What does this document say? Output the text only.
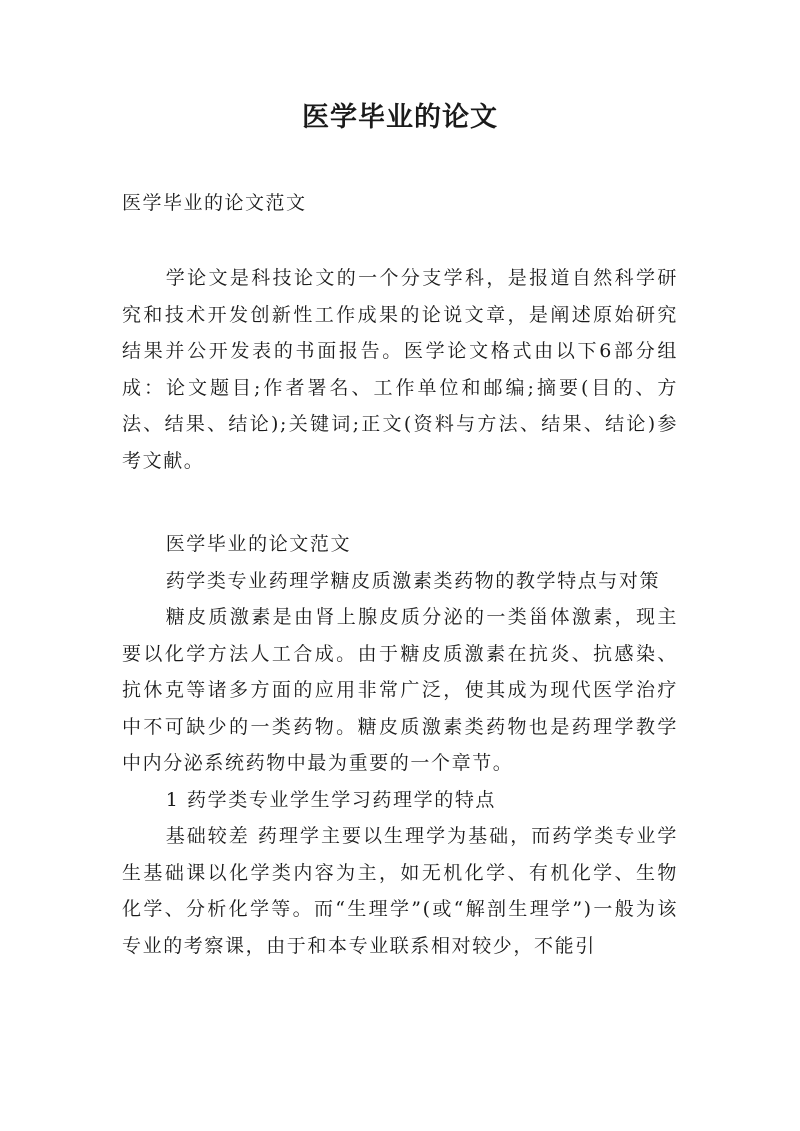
医学毕业的论文
医学毕业的论文范文

学论文是科技论文的一个分支学科，是报道自然科学研究和技术开发创新性工作成果的论说文章，是阐述原始研究结果并公开发表的书面报告。医学论文格式由以下6部分组成：论文题目;作者署名、工作单位和邮编;摘要(目的、方法、结果、结论);关键词;正文(资料与方法、结果、结论)参考文献。

医学毕业的论文范文

药学类专业药理学糖皮质激素类药物的教学特点与对策

糖皮质激素是由肾上腺皮质分泌的一类甾体激素，现主要以化学方法人工合成。由于糖皮质激素在抗炎、抗感染、抗休克等诸多方面的应用非常广泛，使其成为现代医学治疗中不可缺少的一类药物。糖皮质激素类药物也是药理学教学中内分泌系统药物中最为重要的一个章节。

1 药学类专业学生学习药理学的特点

基础较差 药理学主要以生理学为基础，而药学类专业学生基础课以化学类内容为主，如无机化学、有机化学、生物化学、分析化学等。而“生理学”(或“解剖生理学”)一般为该专业的考察课，由于和本专业联系相对较少，不能引
